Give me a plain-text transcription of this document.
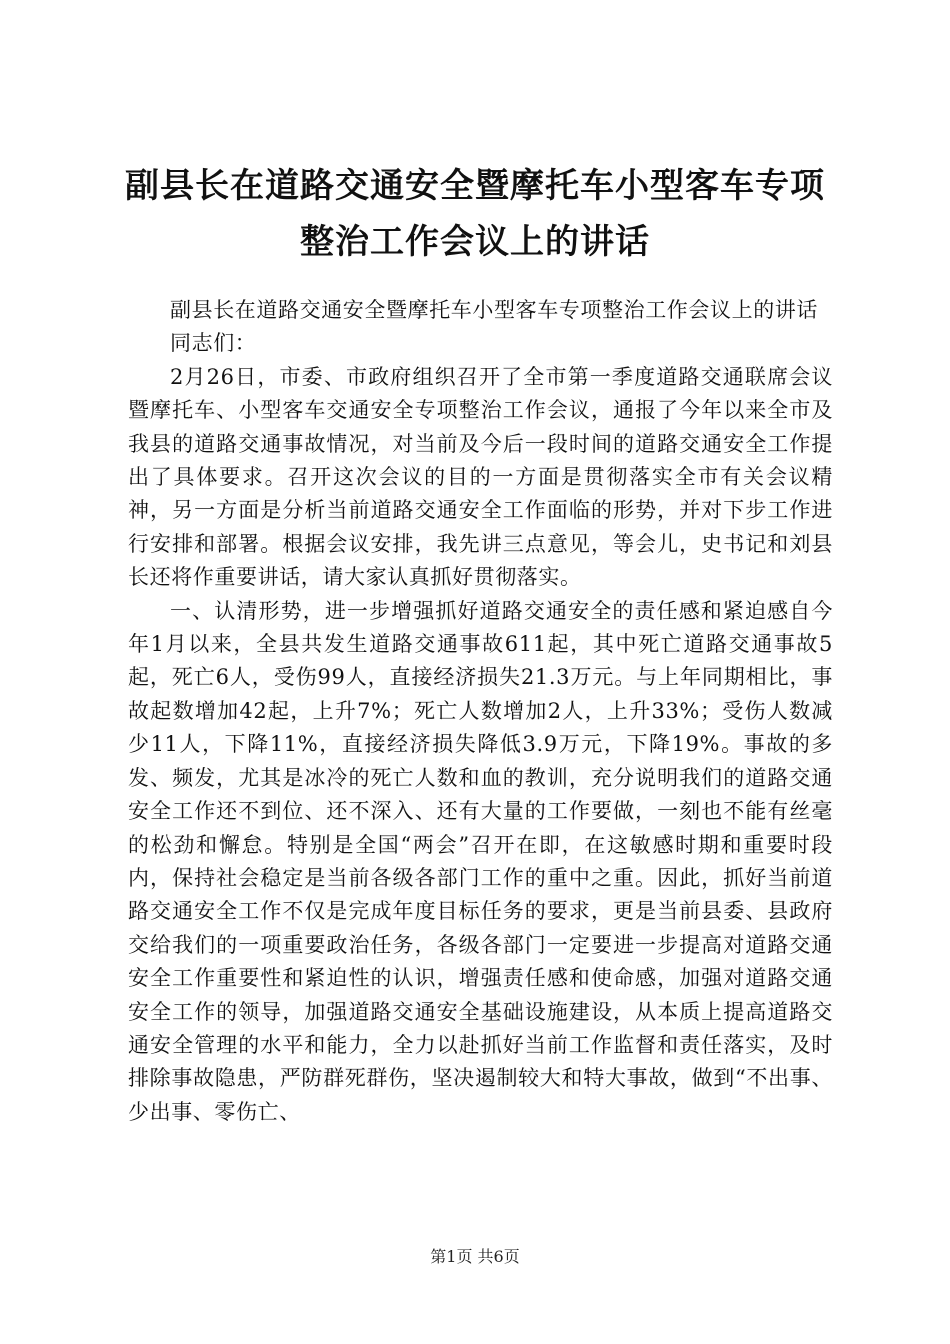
副县长在道路交通安全暨摩托车小型客车专项
整治工作会议上的讲话

副县长在道路交通安全暨摩托车小型客车专项整治工作会议上的讲话

同志们：

2月26日，市委、市政府组织召开了全市第一季度道路交通联席会议暨摩托车、小型客车交通安全专项整治工作会议，通报了今年以来全市及我县的道路交通事故情况，对当前及今后一段时间的道路交通安全工作提出了具体要求。召开这次会议的目的一方面是贯彻落实全市有关会议精神，另一方面是分析当前道路交通安全工作面临的形势，并对下步工作进行安排和部署。根据会议安排，我先讲三点意见，等会儿，史书记和刘县长还将作重要讲话，请大家认真抓好贯彻落实。

一、认清形势，进一步增强抓好道路交通安全的责任感和紧迫感自今年1月以来，全县共发生道路交通事故611起，其中死亡道路交通事故5起，死亡6人，受伤99人，直接经济损失21.3万元。与上年同期相比，事故起数增加42起，上升7%；死亡人数增加2人，上升33%；受伤人数减少11人，下降11%，直接经济损失降低3.9万元，下降19%。事故的多发、频发，尤其是冰冷的死亡人数和血的教训，充分说明我们的道路交通安全工作还不到位、还不深入、还有大量的工作要做，一刻也不能有丝毫的松劲和懈怠。特别是全国“两会”召开在即，在这敏感时期和重要时段内，保持社会稳定是当前各级各部门工作的重中之重。因此，抓好当前道路交通安全工作不仅是完成年度目标任务的要求，更是当前县委、县政府交给我们的一项重要政治任务，各级各部门一定要进一步提高对道路交通安全工作重要性和紧迫性的认识，增强责任感和使命感，加强对道路交通安全工作的领导，加强道路交通安全基础设施建设，从本质上提高道路交通安全管理的水平和能力，全力以赴抓好当前工作监督和责任落实，及时排除事故隐患，严防群死群伤，坚决遏制较大和特大事故，做到“不出事、少出事、零伤亡、

第1页 共6页
